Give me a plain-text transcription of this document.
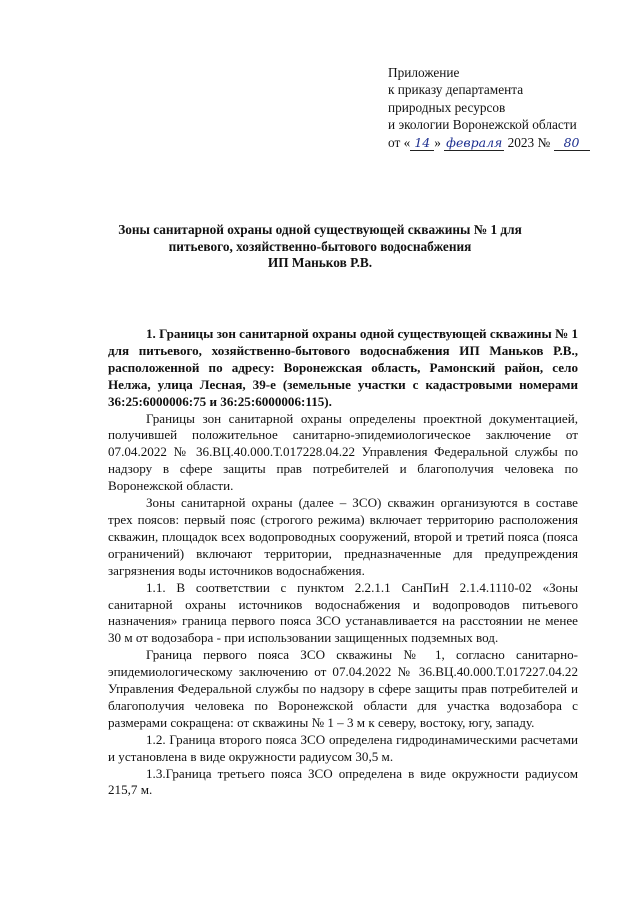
Приложение
к приказу департамента
природных ресурсов
и экологии Воронежской области
от « 14 » февраля 2023 № 80
Зоны санитарной охраны одной существующей скважины № 1 для
питьевого, хозяйственно-бытового водоснабжения
ИП Маньков Р.В.

1. Границы зон санитарной охраны одной существующей скважины № 1 для питьевого, хозяйственно-бытового водоснабжения ИП Маньков Р.В., расположенной по адресу: Воронежская область, Рамонский район, село Нелжа, улица Лесная, 39-е (земельные участки с кадастровыми номерами 36:25:6000006:75 и 36:25:6000006:115).

Границы зон санитарной охраны определены проектной документацией, получившей положительное санитарно-эпидемиологическое заключение от 07.04.2022 № 36.ВЦ.40.000.Т.017228.04.22 Управления Федеральной службы по надзору в сфере защиты прав потребителей и благополучия человека по Воронежской области.

Зоны санитарной охраны (далее – ЗСО) скважин организуются в составе трех поясов: первый пояс (строгого режима) включает территорию расположения скважин, площадок всех водопроводных сооружений, второй и третий пояса (пояса ограничений) включают территории, предназначенные для предупреждения загрязнения воды источников водоснабжения.

1.1. В соответствии с пунктом 2.2.1.1 СанПиН 2.1.4.1110-02 «Зоны санитарной охраны источников водоснабжения и водопроводов питьевого назначения» граница первого пояса ЗСО устанавливается на расстоянии не менее 30 м от водозабора - при использовании защищенных подземных вод.

Граница первого пояса ЗСО скважины № 1, согласно санитарно-эпидемиологическому заключению от 07.04.2022 № 36.ВЦ.40.000.Т.017227.04.22 Управления Федеральной службы по надзору в сфере защиты прав потребителей и благополучия человека по Воронежской области для участка водозабора с размерами сокращена: от скважины № 1 – 3 м к северу, востоку, югу, западу.

1.2. Граница второго пояса ЗСО определена гидродинамическими расчетами и установлена в виде окружности радиусом 30,5 м.

1.3.Граница третьего пояса ЗСО определена в виде окружности радиусом 215,7 м.
